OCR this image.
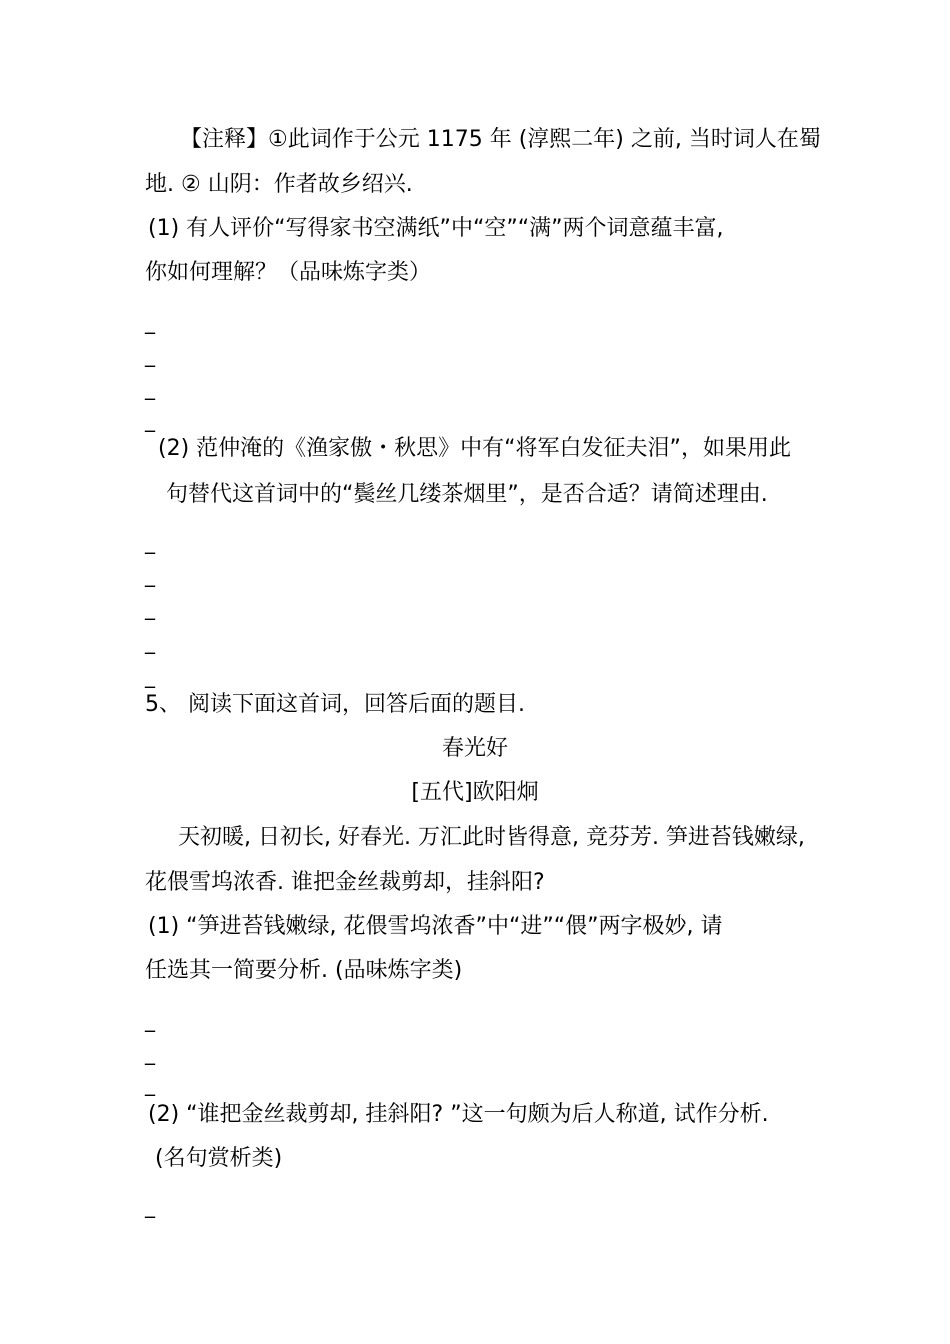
【注释】①此词作于公元 1175 年 (淳熙二年) 之前, 当时词人在蜀
地. ② 山阴：作者故乡绍兴.
(1) 有人评价“写得家书空满纸”中“空”“满”两个词意蕴丰富,
你如何理解？（品味炼字类）
_
_
_
_
(2) 范仲淹的《渔家傲・秋思》中有“将军白发征夫泪”，如果用此
句替代这首词中的“鬓丝几缕茶烟里”，是否合适？请简述理由.
_
_
_
_
_
5、 阅读下面这首词，回答后面的题目.
春光好
[五代]欧阳炯
天初暖, 日初长, 好春光. 万汇此时皆得意, 竞芬芳. 笋进苔钱嫩绿,
花偎雪坞浓香. 谁把金丝裁剪却，挂斜阳?
(1) “笋进苔钱嫩绿, 花偎雪坞浓香”中“进”“偎”两字极妙, 请
任选其一简要分析. (品味炼字类)
_
_
_
(2) “谁把金丝裁剪却, 挂斜阳? ”这一句颇为后人称道, 试作分析.
(名句赏析类)
_
